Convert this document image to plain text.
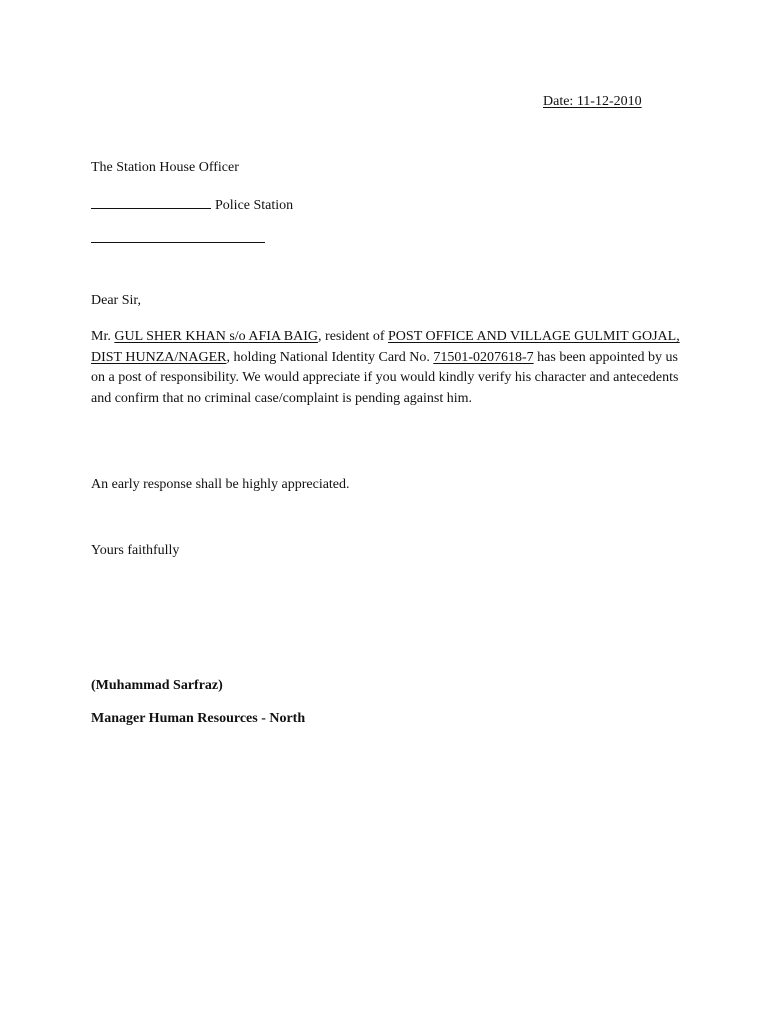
Date: 11-12-2010
The Station House Officer
Police Station
Dear Sir,
Mr. GUL SHER KHAN s/o AFIA BAIG, resident of POST OFFICE AND VILLAGE GULMIT GOJAL, DIST HUNZA/NAGER, holding National Identity Card No. 71501-0207618-7 has been appointed by us on a post of responsibility. We would appreciate if you would kindly verify his character and antecedents and confirm that no criminal case/complaint is pending against him.
An early response shall be highly appreciated.
Yours faithfully
(Muhammad Sarfraz)
Manager Human Resources - North
